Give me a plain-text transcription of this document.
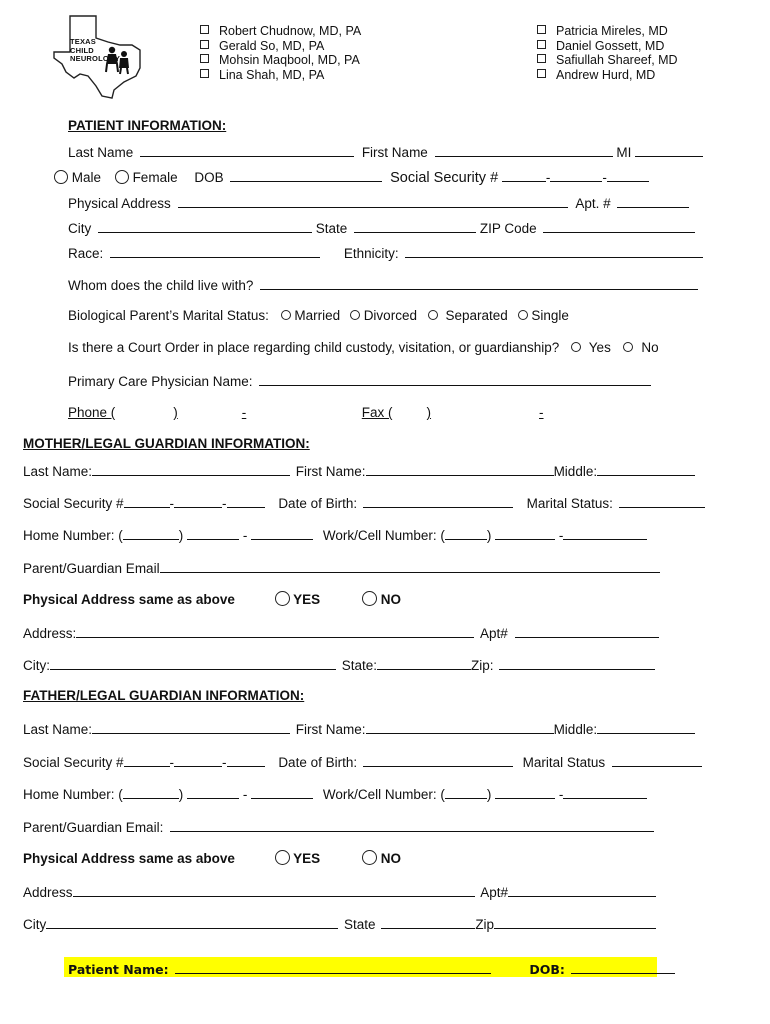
TEXAS
CHILD
NEUROLOGY
Robert Chudnow, MD, PA
Gerald So, MD, PA
Mohsin Maqbool, MD, PA
Lina Shah, MD, PA
Patricia Mireles, MD
Daniel Gossett, MD
Safiullah Shareef, MD
Andrew Hurd, MD
PATIENT INFORMATION:
Last Name	First Name	MI
Male Female DOB	Social Security #	-	-
Physical Address	Apt. #
City	State	ZIP Code
Race:	Ethnicity:
Whom does the child live with?
Biological Parent’s Marital Status: Married Divorced Separated Single
Is there a Court Order in place regarding child custody, visitation, or guardianship? Yes No
Primary Care Physician Name:
Phone (	)	-	Fax (	)	-
MOTHER/LEGAL GUARDIAN INFORMATION:
Last Name:	First Name:	Middle:
Social Security #	-	-	Date of Birth:	Marital Status:
Home Number: (	)	-	Work/Cell Number: (	)	-
Parent/Guardian Email
Physical Address same as above	YES	NO
Address:	Apt#
City:	State:	Zip:
FATHER/LEGAL GUARDIAN INFORMATION:
Last Name:	First Name:	Middle:
Social Security #	-	-	Date of Birth:	Marital Status
Home Number: (	)	-	Work/Cell Number: (	)	-
Parent/Guardian Email:
Physical Address same as above	YES	NO
Address	Apt#
City	State	Zip
Patient Name:	DOB:
